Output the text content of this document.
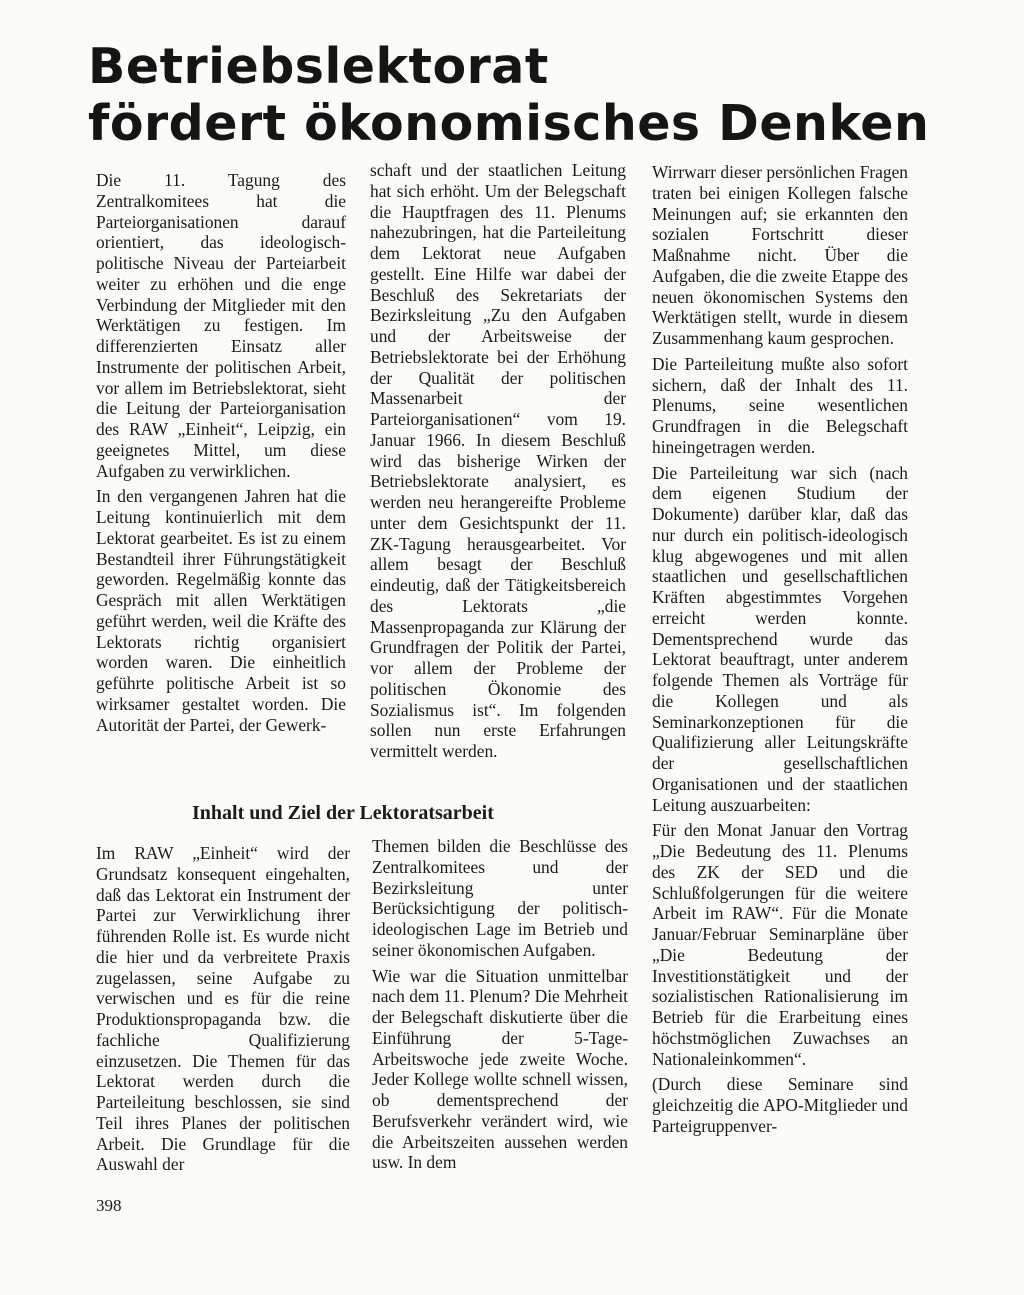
Betriebslektorat
fördert ökonomisches Denken

Die 11. Tagung des Zentralkomitees hat die Parteiorganisationen darauf orientiert, das ideologisch-politische Niveau der Parteiarbeit weiter zu erhöhen und die enge Verbindung der Mitglieder mit den Werktätigen zu festigen. Im differenzierten Einsatz aller Instrumente der politischen Arbeit, vor allem im Betriebslektorat, sieht die Leitung der Parteiorganisation des RAW „Einheit“, Leipzig, ein geeignetes Mittel, um diese Aufgaben zu verwirklichen.

In den vergangenen Jahren hat die Leitung kontinuierlich mit dem Lektorat gearbeitet. Es ist zu einem Bestandteil ihrer Führungstätigkeit geworden. Regelmäßig konnte das Gespräch mit allen Werktätigen geführt werden, weil die Kräfte des Lektorats richtig organisiert worden waren. Die einheitlich geführte politische Arbeit ist so wirksamer gestaltet worden. Die Autorität der Partei, der Gewerk-

schaft und der staatlichen Leitung hat sich erhöht. Um der Belegschaft die Hauptfragen des 11. Plenums nahezubringen, hat die Parteileitung dem Lektorat neue Aufgaben gestellt. Eine Hilfe war dabei der Beschluß des Sekretariats der Bezirksleitung „Zu den Aufgaben und der Arbeitsweise der Betriebslektorate bei der Erhöhung der Qualität der politischen Massenarbeit der Parteiorganisationen“ vom 19. Januar 1966. In diesem Beschluß wird das bisherige Wirken der Betriebslektorate analysiert, es werden neu herangereifte Probleme unter dem Gesichtspunkt der 11. ZK-Tagung herausgearbeitet. Vor allem besagt der Beschluß eindeutig, daß der Tätigkeitsbereich des Lektorats „die Massenpropaganda zur Klärung der Grundfragen der Politik der Partei, vor allem der Probleme der politischen Ökonomie des Sozialismus ist“. Im folgenden sollen nun erste Erfahrungen vermittelt werden.

Inhalt und Ziel der Lektoratsarbeit

Im RAW „Einheit“ wird der Grundsatz konsequent eingehalten, daß das Lektorat ein Instrument der Partei zur Verwirklichung ihrer führenden Rolle ist. Es wurde nicht die hier und da verbreitete Praxis zugelassen, seine Aufgabe zu verwischen und es für die reine Produktionspropaganda bzw. die fachliche Qualifizierung einzusetzen. Die Themen für das Lektorat werden durch die Parteileitung beschlossen, sie sind Teil ihres Planes der politischen Arbeit. Die Grundlage für die Auswahl der

Themen bilden die Beschlüsse des Zentralkomitees und der Bezirksleitung unter Berücksichtigung der politisch-ideologischen Lage im Betrieb und seiner ökonomischen Aufgaben.

Wie war die Situation unmittelbar nach dem 11. Plenum? Die Mehrheit der Belegschaft diskutierte über die Einführung der 5-Tage-Arbeitswoche jede zweite Woche. Jeder Kollege wollte schnell wissen, ob dementsprechend der Berufsverkehr verändert wird, wie die Arbeitszeiten aussehen werden usw. In dem

Wirrwarr dieser persönlichen Fragen traten bei einigen Kollegen falsche Meinungen auf; sie erkannten den sozialen Fortschritt dieser Maßnahme nicht. Über die Aufgaben, die die zweite Etappe des neuen ökonomischen Systems den Werktätigen stellt, wurde in diesem Zusammenhang kaum gesprochen.

Die Parteileitung mußte also sofort sichern, daß der Inhalt des 11. Plenums, seine wesentlichen Grundfragen in die Belegschaft hineingetragen werden.

Die Parteileitung war sich (nach dem eigenen Studium der Dokumente) darüber klar, daß das nur durch ein politisch-ideologisch klug abgewogenes und mit allen staatlichen und gesellschaftlichen Kräften abgestimmtes Vorgehen erreicht werden konnte. Dementsprechend wurde das Lektorat beauftragt, unter anderem folgende Themen als Vorträge für die Kollegen und als Seminarkonzeptionen für die Qualifizierung aller Leitungskräfte der gesellschaftlichen Organisationen und der staatlichen Leitung auszuarbeiten:

Für den Monat Januar den Vortrag „Die Bedeutung des 11. Plenums des ZK der SED und die Schlußfolgerungen für die weitere Arbeit im RAW“. Für die Monate Januar/Februar Seminarpläne über „Die Bedeutung der Investitionstätigkeit und der sozialistischen Rationalisierung im Betrieb für die Erarbeitung eines höchstmöglichen Zuwachses an Nationaleinkommen“.

(Durch diese Seminare sind gleichzeitig die APO-Mitglieder und Parteigruppenver-

398
